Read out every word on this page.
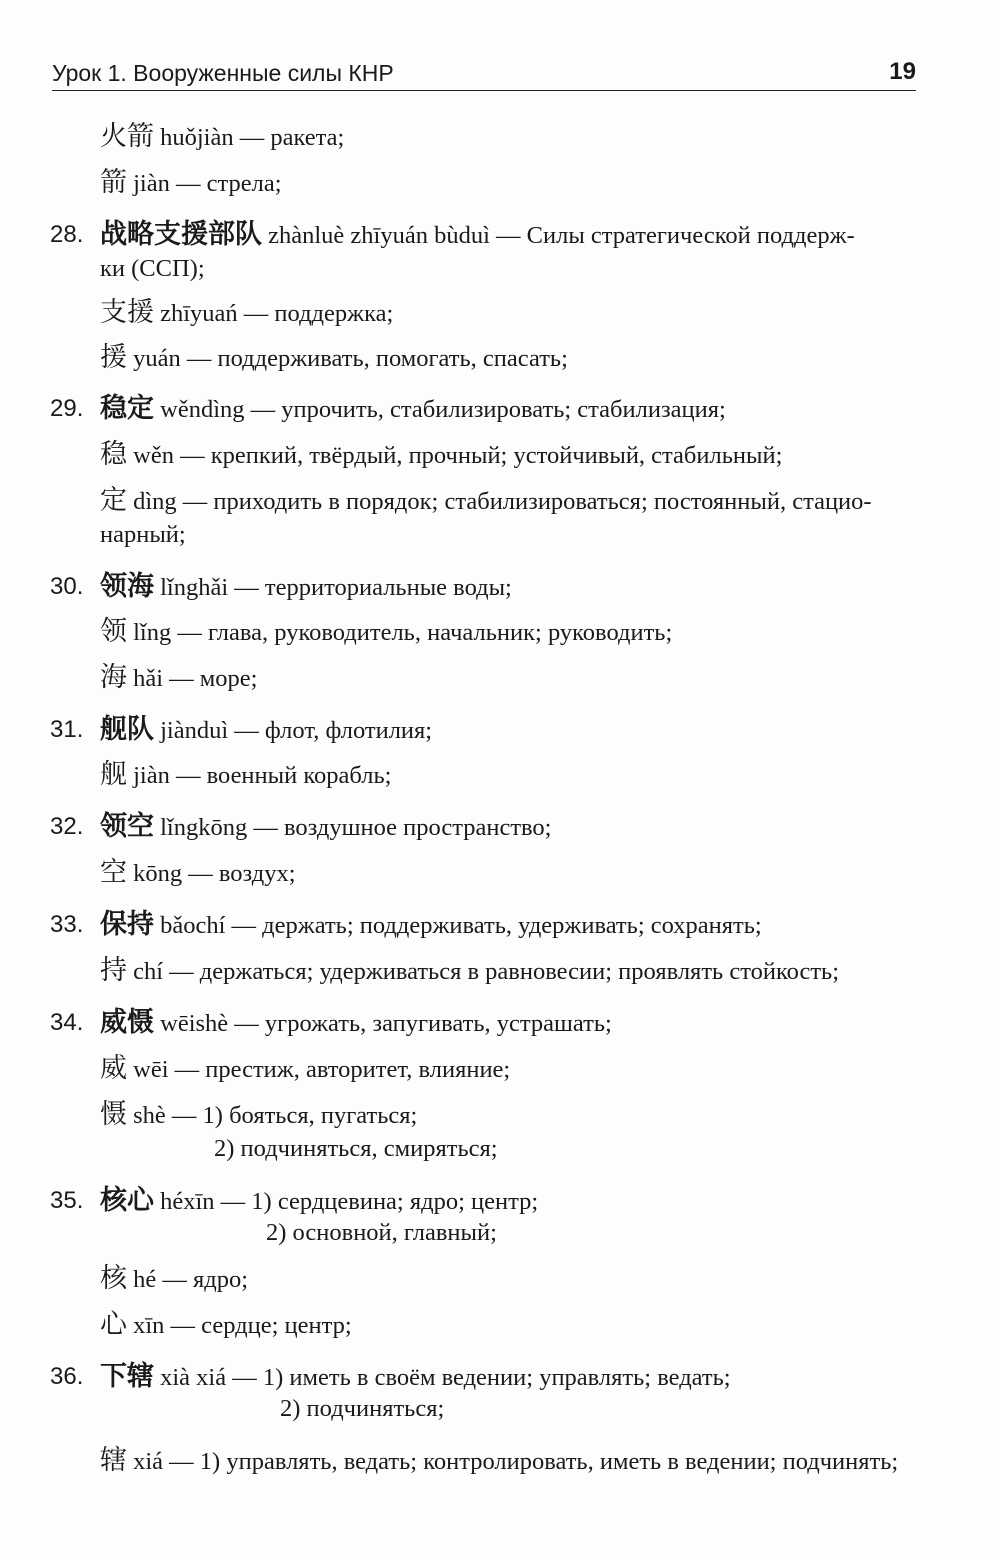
Урок 1. Вооруженные силы КНР	19
火箭 huǒjiàn — ракета;
箭 jiàn — стрела;
28. 战略支援部队 zhànluè zhīyuán bùduì — Силы стратегической поддерж-
ки (ССП);
支援 zhīyuań — поддержка;
援 yuán — поддерживать, помогать, спасать;
29. 稳定 wěndìng — упрочить, стабилизировать; стабилизация;
稳 wěn — крепкий, твёрдый, прочный; устойчивый, стабильный;
定 dìng — приходить в порядок; стабилизироваться; постоянный, стацио-
нарный;
30. 领海 lǐnghǎi — территориальные воды;
领 lǐng — глава, руководитель, начальник; руководить;
海 hǎi — море;
31. 舰队 jiànduì — флот, флотилия;
舰 jiàn — военный корабль;
32. 领空 lǐngkōng — воздушное пространство;
空 kōng — воздух;
33. 保持 bǎochí — держать; поддерживать, удерживать; сохранять;
持 chí — держаться; удерживаться в равновесии; проявлять стойкость;
34. 威慑 wēishè — угрожать, запугивать, устрашать;
威 wēi — престиж, авторитет, влияние;
慑 shè — 1) бояться, пугаться;
2) подчиняться, смиряться;
35. 核心 héxīn — 1) сердцевина; ядро; центр;
2) основной, главный;
核 hé — ядро;
心 xīn — сердце; центр;
36. 下辖 xià xiá — 1) иметь в своём ведении; управлять; ведать;
2) подчиняться;
辖 xiá — 1) управлять, ведать; контролировать, иметь в ведении; подчинять;
